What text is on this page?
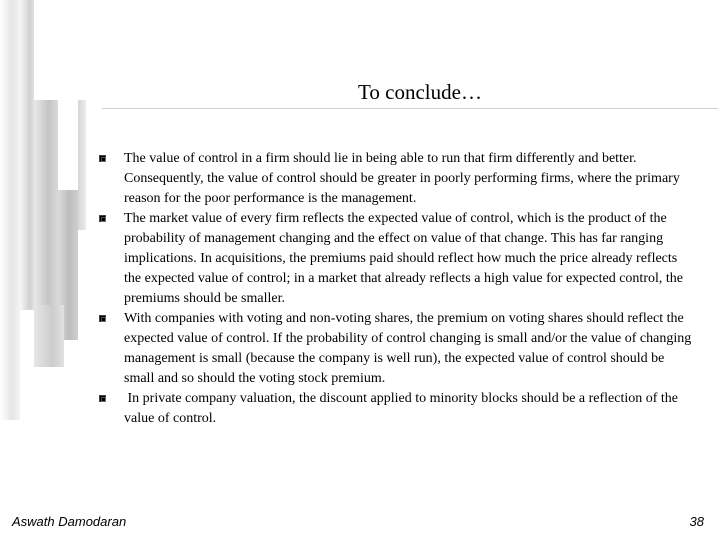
To conclude…
The value of control in a firm should lie in being able to run that firm differently and better. Consequently, the value of control should be greater in poorly performing firms, where the primary reason for the poor performance is the management.
The market value of every firm reflects the expected value of control, which is the product of the probability of management changing and the effect on value of that change. This has far ranging implications. In acquisitions, the premiums paid should reflect how much the price already reflects the expected value of control; in a market that already reflects a high value for expected control, the premiums should be smaller.
With companies with voting and non-voting shares, the premium on voting shares should reflect the expected value of control. If the probability of control changing is small and/or the value of changing management is small (because the company is well run), the expected value of control should be small and so should the voting stock premium.
In private company valuation, the discount applied to minority blocks should be a reflection of the value of control.

Aswath Damodaran	38
